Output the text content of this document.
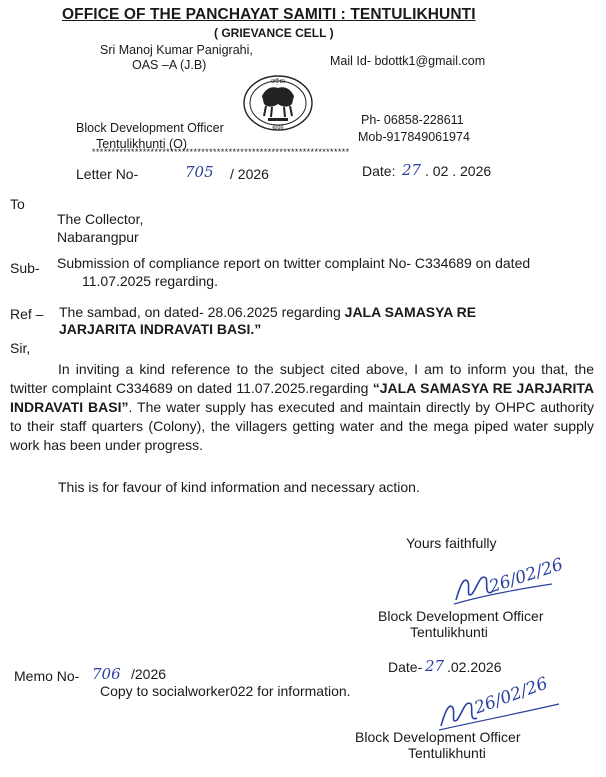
OFFICE OF THE PANCHAYAT SAMITI : TENTULIKHUNTI
( GRIEVANCE CELL )
Sri Manoj Kumar Panigrahi,
OAS –A (J.B)	Mail Id- bdottk1@gmail.com
ଓଡ଼ିଶା
ଶାସନ
Block Development Officer
Tentulikhunti (O)
Ph- 06858-228611
Mob-917849061974
******************************************************************
Letter No-	705 / 2026	Date: 27 . 02 . 2026
To
The Collector,
Nabarangpur
Sub- Submission of compliance report on twitter complaint No- C334689 on dated
11.07.2025 regarding.
Ref – The sambad, on dated- 28.06.2025 regarding JALA SAMASYA RE
JARJARITA INDRAVATI BASI.”
Sir,
In inviting a kind reference to the subject cited above, I am to inform you that, the twitter complaint C334689 on dated 11.07.2025.regarding “JALA SAMASYA RE JARJARITA INDRAVATI BASI”. The water supply has executed and maintain directly by OHPC authority to their staff quarters (Colony), the villagers getting water and the mega piped water supply work has been under progress.
This is for favour of kind information and necessary action.
Yours faithfully
26/02/26
Block Development Officer
Tentulikhunti
Memo No- 706 /2026
Copy to socialworker022 for information.
Date- 27 .02.2026
26/02/26
Block Development Officer
Tentulikhunti
